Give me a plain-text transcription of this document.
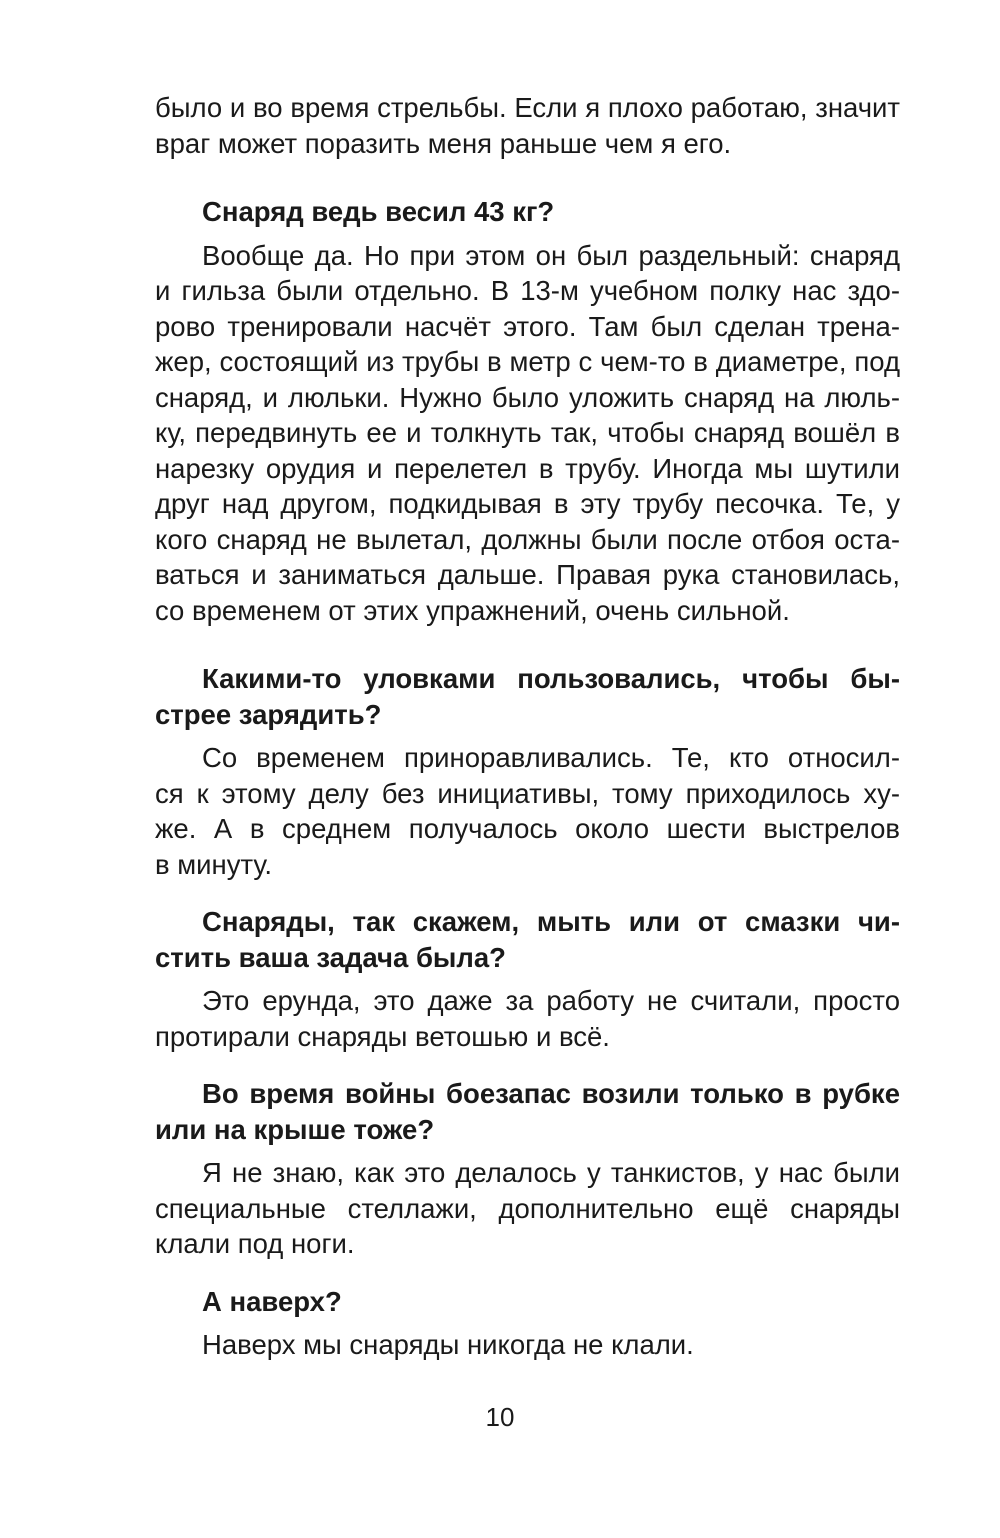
было и во время стрельбы. Если я плохо работаю, значит
враг может поразить меня раньше чем я его.
Снаряд ведь весил 43 кг?
Вообще да. Но при этом он был раздельный: снаряд
и гильза были отдельно. В 13-м учебном полку нас здо-
рово тренировали насчёт этого. Там был сделан трена-
жер, состоящий из трубы в метр с чем-то в диаметре, под
снаряд, и люльки. Нужно было уложить снаряд на люль-
ку, передвинуть ее и толкнуть так, чтобы снаряд вошёл в
нарезку орудия и перелетел в трубу. Иногда мы шутили
друг над другом, подкидывая в эту трубу песочка. Те, у
кого снаряд не вылетал, должны были после отбоя оста-
ваться и заниматься дальше. Правая рука становилась,
со временем от этих упражнений, очень сильной.
Какими-то уловками пользовались, чтобы бы-
стрее зарядить?
Со временем приноравливались. Те, кто относил-
ся к этому делу без инициативы, тому приходилось ху-
же. А в среднем получалось около шести выстрелов
в минуту.
Снаряды, так скажем, мыть или от смазки чи-
стить ваша задача была?
Это ерунда, это даже за работу не считали, просто
протирали снаряды ветошью и всё.
Во время войны боезапас возили только в рубке
или на крыше тоже?
Я не знаю, как это делалось у танкистов, у нас были
специальные стеллажи, дополнительно ещё снаряды
клали под ноги.
А наверх?
Наверх мы снаряды никогда не клали.
10
